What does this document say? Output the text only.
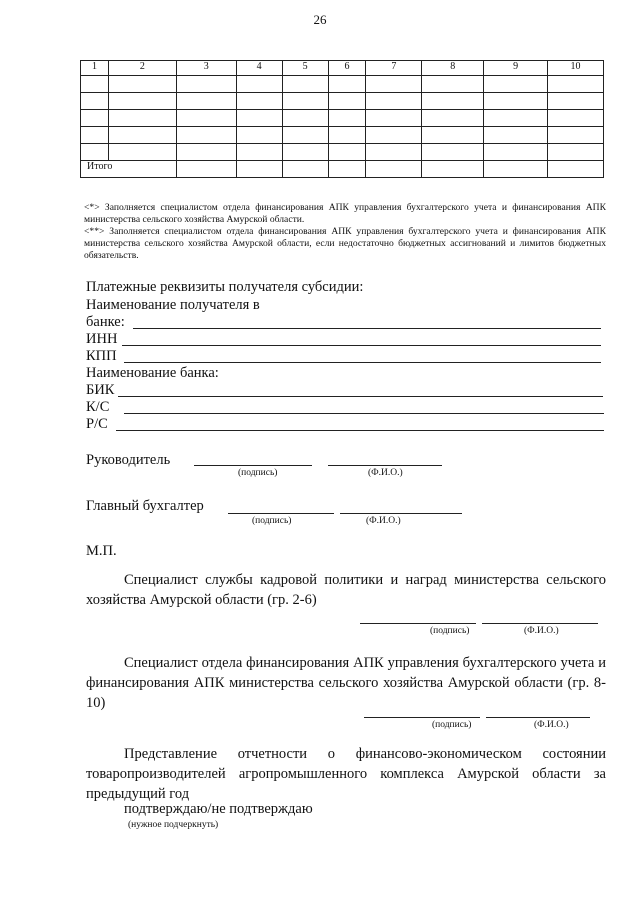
26
1	2	3	4	5	6	7	8	9	10

Итого									
<*> Заполняется специалистом отдела финансирования АПК управления бухгалтерского учета и финансирования АПК министерства сельского хозяйства Амурской области.
<**> Заполняется специалистом отдела финансирования АПК управления бухгалтерского учета и финансирования АПК министерства сельского хозяйства Амурской области, если недостаточно бюджетных ассигнований и лимитов бюджетных обязательств.
Платежные реквизиты получателя субсидии:
Наименование получателя в
банке:
ИНН
КПП
Наименование банка:
БИК
К/С
Р/С
Руководитель
(подпись)	(Ф.И.О.)
Главный бухгалтер
(подпись)	(Ф.И.О.)
М.П.
Специалист службы кадровой политики и наград министерства сельского хозяйства Амурской области (гр. 2-6)
(подпись)	(Ф.И.О.)
Специалист отдела финансирования АПК управления бухгалтерского учета и финансирования АПК министерства сельского хозяйства Амурской области (гр. 8-10)
(подпись)	(Ф.И.О.)
Представление отчетности о финансово-экономическом состоянии товаропроизводителей агропромышленного комплекса Амурской области за предыдущий год
подтверждаю/не подтверждаю
(нужное подчеркнуть)
